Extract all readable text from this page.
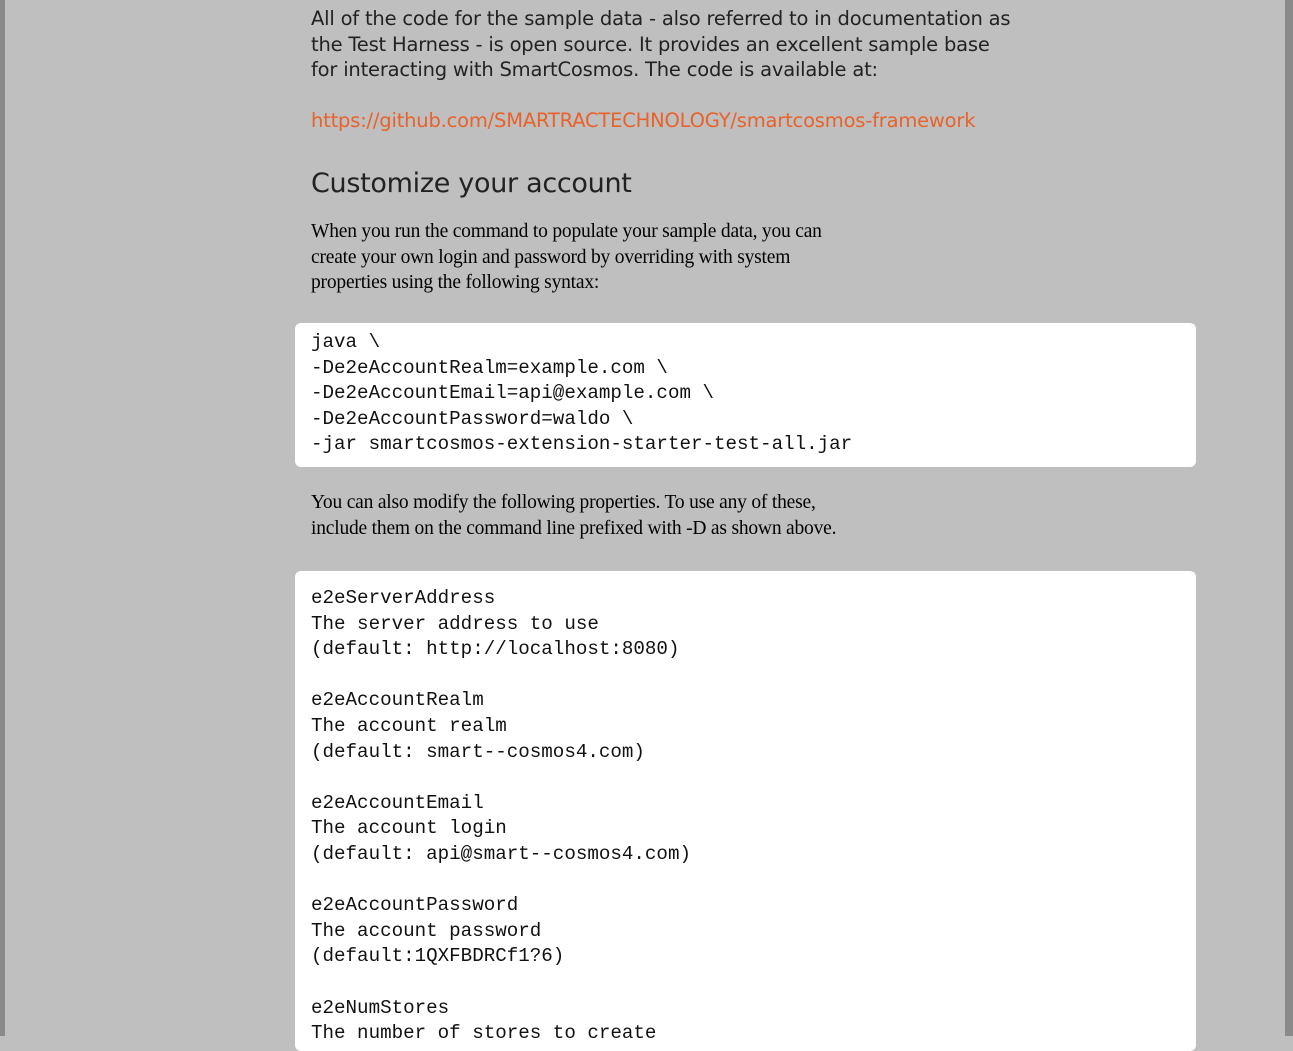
All of the code for the sample data - also referred to in documentation as
the Test Harness - is open source. It provides an excellent sample base
for interacting with SmartCosmos. The code is available at:

https://github.com/SMARTRACTECHNOLOGY/smartcosmos-framework
Customize your account

When you run the command to populate your sample data, you can
create your own login and password by overriding with system
properties using the following syntax:

java \
-De2eAccountRealm=example.com \
-De2eAccountEmail=api@example.com \
-De2eAccountPassword=waldo \
-jar smartcosmos-extension-starter-test-all.jar

You can also modify the following properties. To use any of these,
include them on the command line prefixed with -D as shown above.

e2eServerAddress
The server address to use
(default: http://localhost:8080)

e2eAccountRealm
The account realm
(default: smart--cosmos4.com)

e2eAccountEmail
The account login
(default: api@smart--cosmos4.com)

e2eAccountPassword
The account password
(default:1QXFBDRCf1?6)

e2eNumStores
The number of stores to create
